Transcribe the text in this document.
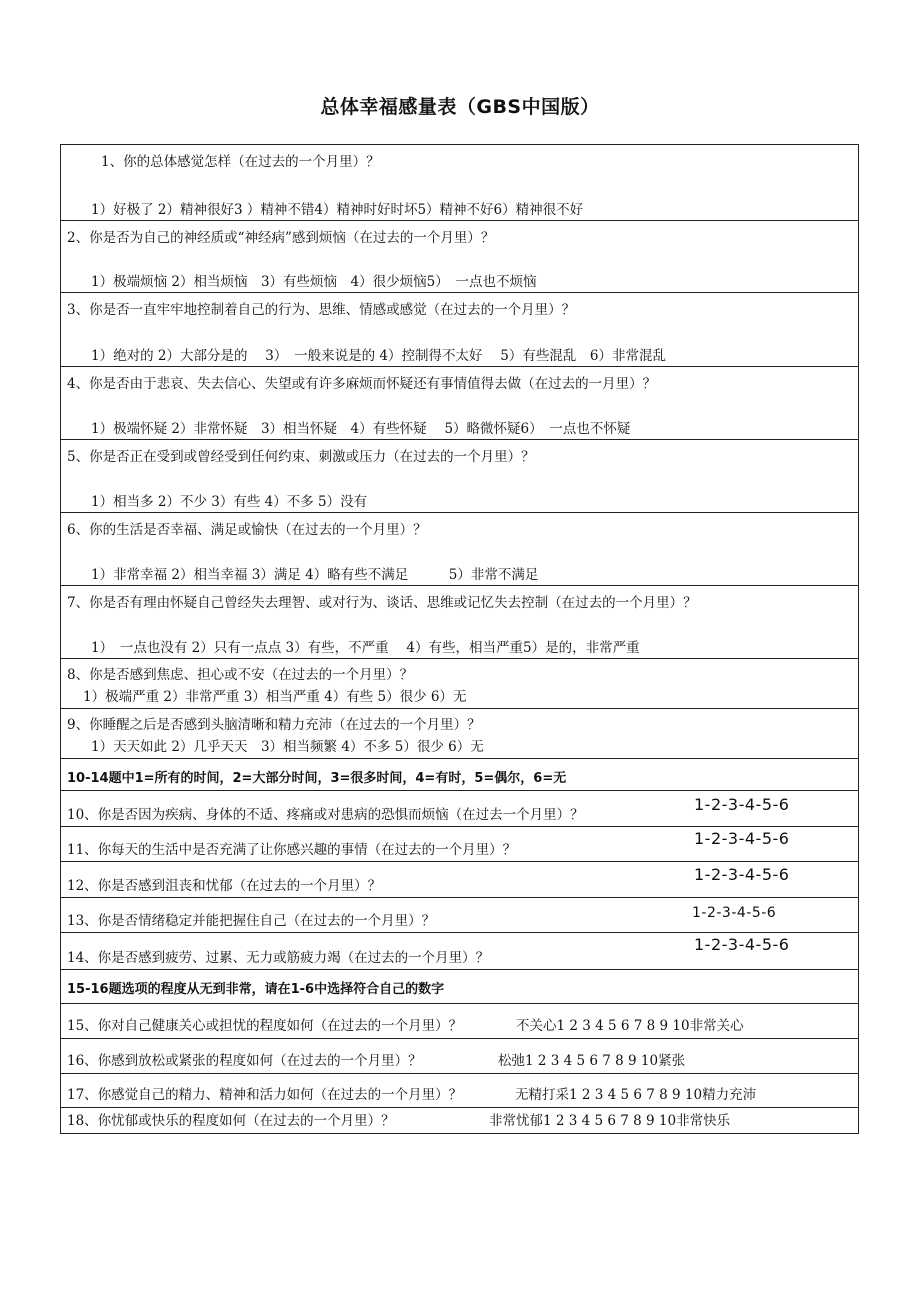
总体幸福感量表（GBS中国版）
1、你的总体感觉怎样（在过去的一个月里）？
1）好极了 2）精神很好3 ）精神不错4）精神时好时坏5）精神不好6）精神很不好
2、你是否为自己的神经质或“神经病”感到烦恼（在过去的一个月里）？
1）极端烦恼 2）相当烦恼　3）有些烦恼　4）很少烦恼5）　一点也不烦恼
3、你是否一直牢牢地控制着自己的行为、思维、情感或感觉（在过去的一个月里）？
1）绝对的 2）大部分是的　 3）　一般来说是的 4）控制得不太好　 5）有些混乱　6）非常混乱
4、你是否由于悲哀、失去信心、失望或有许多麻烦而怀疑还有事情值得去做（在过去的一月里）？
1）极端怀疑 2）非常怀疑　3）相当怀疑　4）有些怀疑　 5）略微怀疑6）　一点也不怀疑
5、你是否正在受到或曾经受到任何约束、刺激或压力（在过去的一个月里）？
1）相当多 2）不少 3）有些 4）不多 5）没有
6、你的生活是否幸福、满足或愉快（在过去的一个月里）？
1）非常幸福 2）相当幸福 3）满足 4）略有些不满足　　　5）非常不满足
7、你是否有理由怀疑自己曾经失去理智、或对行为、谈话、思维或记忆失去控制（在过去的一个月里）？
1）　一点也没有 2）只有一点点 3）有些，不严重　 4）有些，相当严重5）是的，非常严重
8、你是否感到焦虑、担心或不安（在过去的一个月里）？
1）极端严重 2）非常严重 3）相当严重 4）有些 5）很少 6）无
9、你睡醒之后是否感到头脑清晰和精力充沛（在过去的一个月里）？
1）天天如此 2）几乎天天　3）相当频繁 4）不多 5）很少 6）无
10-14题中1=所有的时间，2=大部分时间，3=很多时间，4=有时，5=偶尔，6=无
10、你是否因为疾病、身体的不适、疼痛或对患病的恐惧而烦恼（在过去一个月里）？
1-2-3-4-5-6
11、你每天的生活中是否充满了让你感兴趣的事情（在过去的一个月里）？
1-2-3-4-5-6
12、你是否感到沮丧和忧郁（在过去的一个月里）？
1-2-3-4-5-6
13、你是否情绪稳定并能把握住自己（在过去的一个月里）？	1-2-3-4-5-6
14、你是否感到疲劳、过累、无力或筋疲力竭（在过去的一个月里）？
1-2-3-4-5-6
15-16题选项的程度从无到非常，请在1-6中选择符合自己的数字
15、你对自己健康关心或担忧的程度如何（在过去的一个月里）？	不关心1 2 3 4 5 6 7 8 9 10非常关心
16、你感到放松或紧张的程度如何（在过去的一个月里）？	松弛1 2 3 4 5 6 7 8 9 10紧张
17、你感觉自己的精力、精神和活力如何（在过去的一个月里）？	无精打采1 2 3 4 5 6 7 8 9 10精力充沛
18、你忧郁或快乐的程度如何（在过去的一个月里）？	非常忧郁1 2 3 4 5 6 7 8 9 10非常快乐
